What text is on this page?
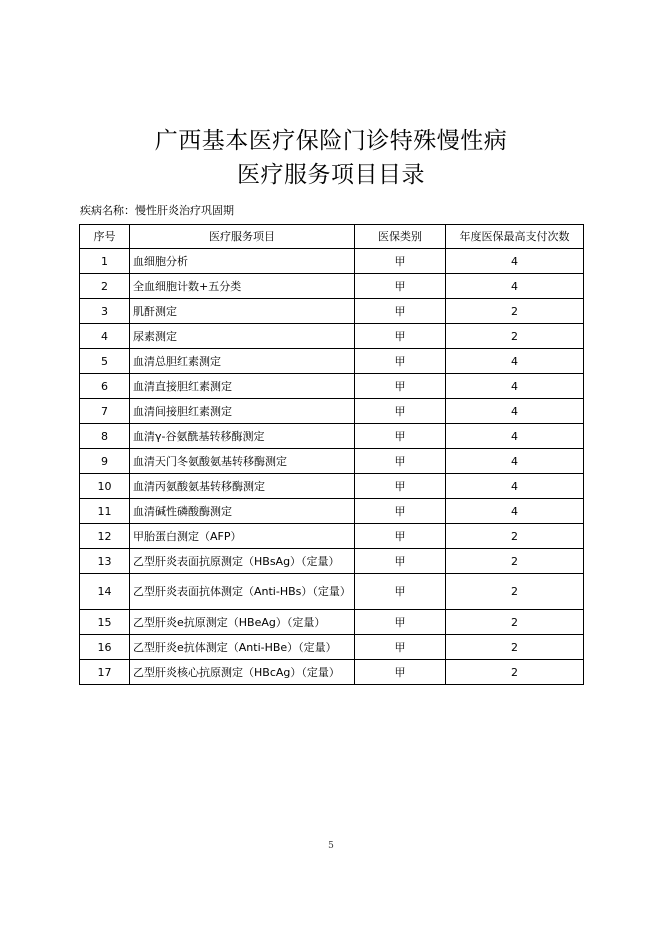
广西基本医疗保险门诊特殊慢性病
医疗服务项目目录
疾病名称：慢性肝炎治疗巩固期
序号	医疗服务项目	医保类别	年度医保最高支付次数
1	血细胞分析	甲	4
2	全血细胞计数+五分类	甲	4
3	肌酐测定	甲	2
4	尿素测定	甲	2
5	血清总胆红素测定	甲	4
6	血清直接胆红素测定	甲	4
7	血清间接胆红素测定	甲	4
8	血清γ-谷氨酰基转移酶测定	甲	4
9	血清天门冬氨酸氨基转移酶测定	甲	4
10	血清丙氨酸氨基转移酶测定	甲	4
11	血清碱性磷酸酶测定	甲	4
12	甲胎蛋白测定（AFP）	甲	2
13	乙型肝炎表面抗原测定（HBsAg）（定量）	甲	2
14	乙型肝炎表面抗体测定（Anti-HBs）（定量）	甲	2
15	乙型肝炎e抗原测定（HBeAg）（定量）	甲	2
16	乙型肝炎e抗体测定（Anti-HBe）（定量）	甲	2
17	乙型肝炎核心抗原测定（HBcAg）（定量）	甲	2
5
